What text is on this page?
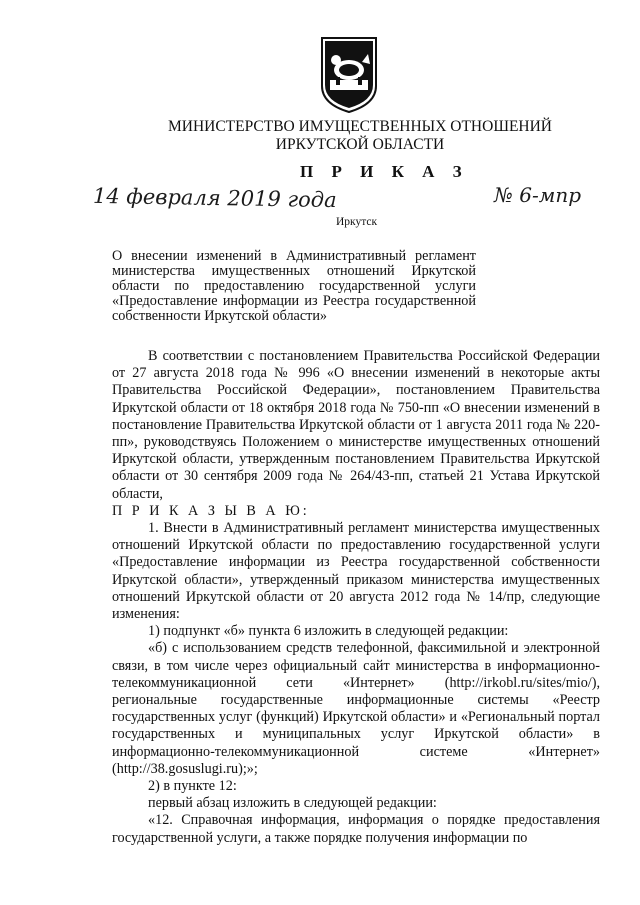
МИНИСТЕРСТВО ИМУЩЕСТВЕННЫХ ОТНОШЕНИЙ
ИРКУТСКОЙ ОБЛАСТИ
П Р И К А З
14 февраля 2019 года	№ 6-мпр
Иркутск
О внесении изменений в Административный регламент министерства имущественных отношений Иркутской области по предоставлению государственной услуги «Предоставление информации из Реестра государственной собственности Иркутской области»

В соответствии с постановлением Правительства Российской Федерации от 27 августа 2018 года № 996 «О внесении изменений в некоторые акты Правительства Российской Федерации», постановлением Правительства Иркутской области от 18 октября 2018 года № 750-пп «О внесении изменений в постановление Правительства Иркутской области от 1 августа 2011 года № 220-пп», руководствуясь Положением о министерстве имущественных отношений Иркутской области, утвержденным постановлением Правительства Иркутской области от 30 сентября 2009 года № 264/43-пп, статьей 21 Устава Иркутской области,

П Р И К А З Ы В А Ю:

1. Внести в Административный регламент министерства имущественных отношений Иркутской области по предоставлению государственной услуги «Предоставление информации из Реестра государственной собственности Иркутской области», утвержденный приказом министерства имущественных отношений Иркутской области от 20 августа 2012 года № 14/пр, следующие изменения:

1) подпункт «б» пункта 6 изложить в следующей редакции:

«б) с использованием средств телефонной, факсимильной и электронной связи, в том числе через официальный сайт министерства в информационно-телекоммуникационной сети «Интернет» (http://irkobl.ru/sites/mio/), региональные государственные информационные системы «Реестр государственных услуг (функций) Иркутской области» и «Региональный портал государственных и муниципальных услуг Иркутской области» в информационно-телекоммуникационной системе «Интернет» (http://38.gosuslugi.ru);»;

2) в пункте 12:

первый абзац изложить в следующей редакции:

«12. Справочная информация, информация о порядке предоставления государственной услуги, а также порядке получения информации по
